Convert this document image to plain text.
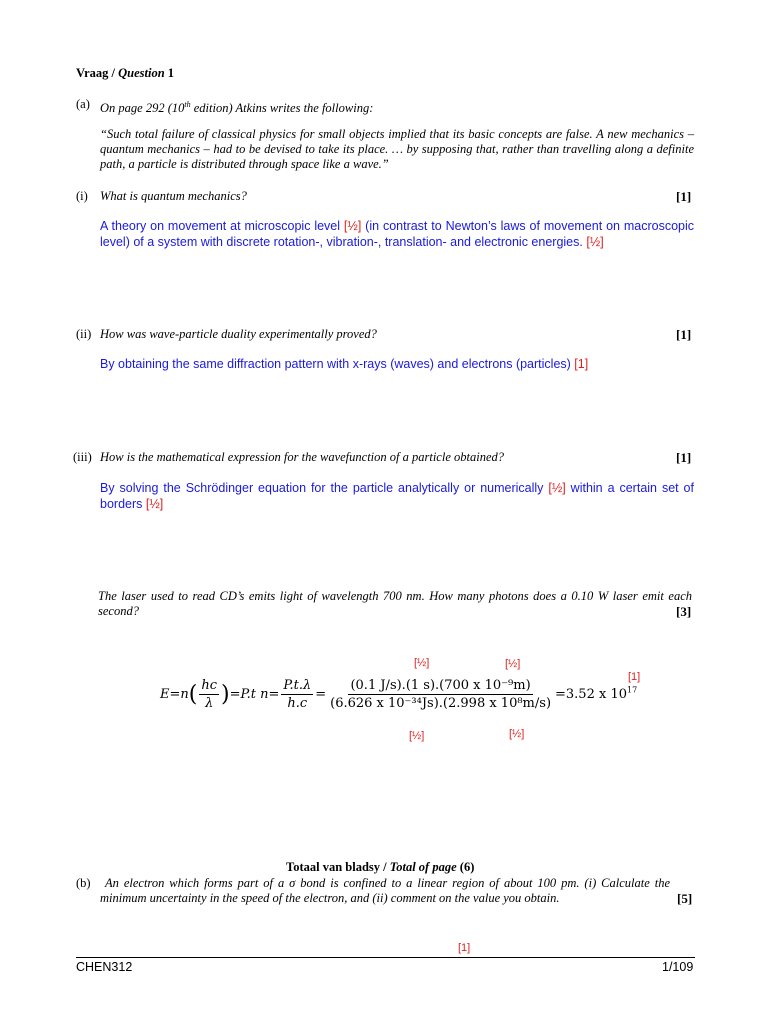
Vraag / Question 1
(a) On page 292 (10th edition) Atkins writes the following:
“Such total failure of classical physics for small objects implied that its basic concepts are false. A new mechanics – quantum mechanics – had to be devised to take its place. … by supposing that, rather than travelling along a definite path, a particle is distributed through space like a wave.”
(i) What is quantum mechanics?	[1]
A theory on movement at microscopic level [½] (in contrast to Newton’s laws of movement on macroscopic level) of a system with discrete rotation-, vibration-, translation- and electronic energies. [½]
(ii) How was wave-particle duality experimentally proved?	[1]
By obtaining the same diffraction pattern with x-rays (waves) and electrons (particles) [1]
(iii) How is the mathematical expression for the wavefunction of a particle obtained?	[1]
By solving the Schrödinger equation for the particle analytically or numerically [½] within a certain set of borders [½]
The laser used to read CD’s emits light of wavelength 700 nm. How many photons does a 0.10 W laser emit each second?	[3]
[½]	[½]
[1]
[½]	[½]
$E=n( \frac{hc}{\lambda} )=P.t$ $n= \frac{P.t.\lambda}{h.c} = \frac{\text{(0.1 J/s).(1 s).(700 x 10⁻⁹m)}}{\text{(6.626 x 10⁻³⁴Js).(2.998 x 10⁸m/s)}} =3.52$ x $10^{17}$
Totaal van bladsy / Total of page (6)
(b)	An electron which forms part of a σ bond is confined to a linear region of about 100 pm. (i) Calculate the minimum uncertainty in the speed of the electron, and (ii) comment on the value you obtain.	[5]
[1]
CHEN312	1/109
